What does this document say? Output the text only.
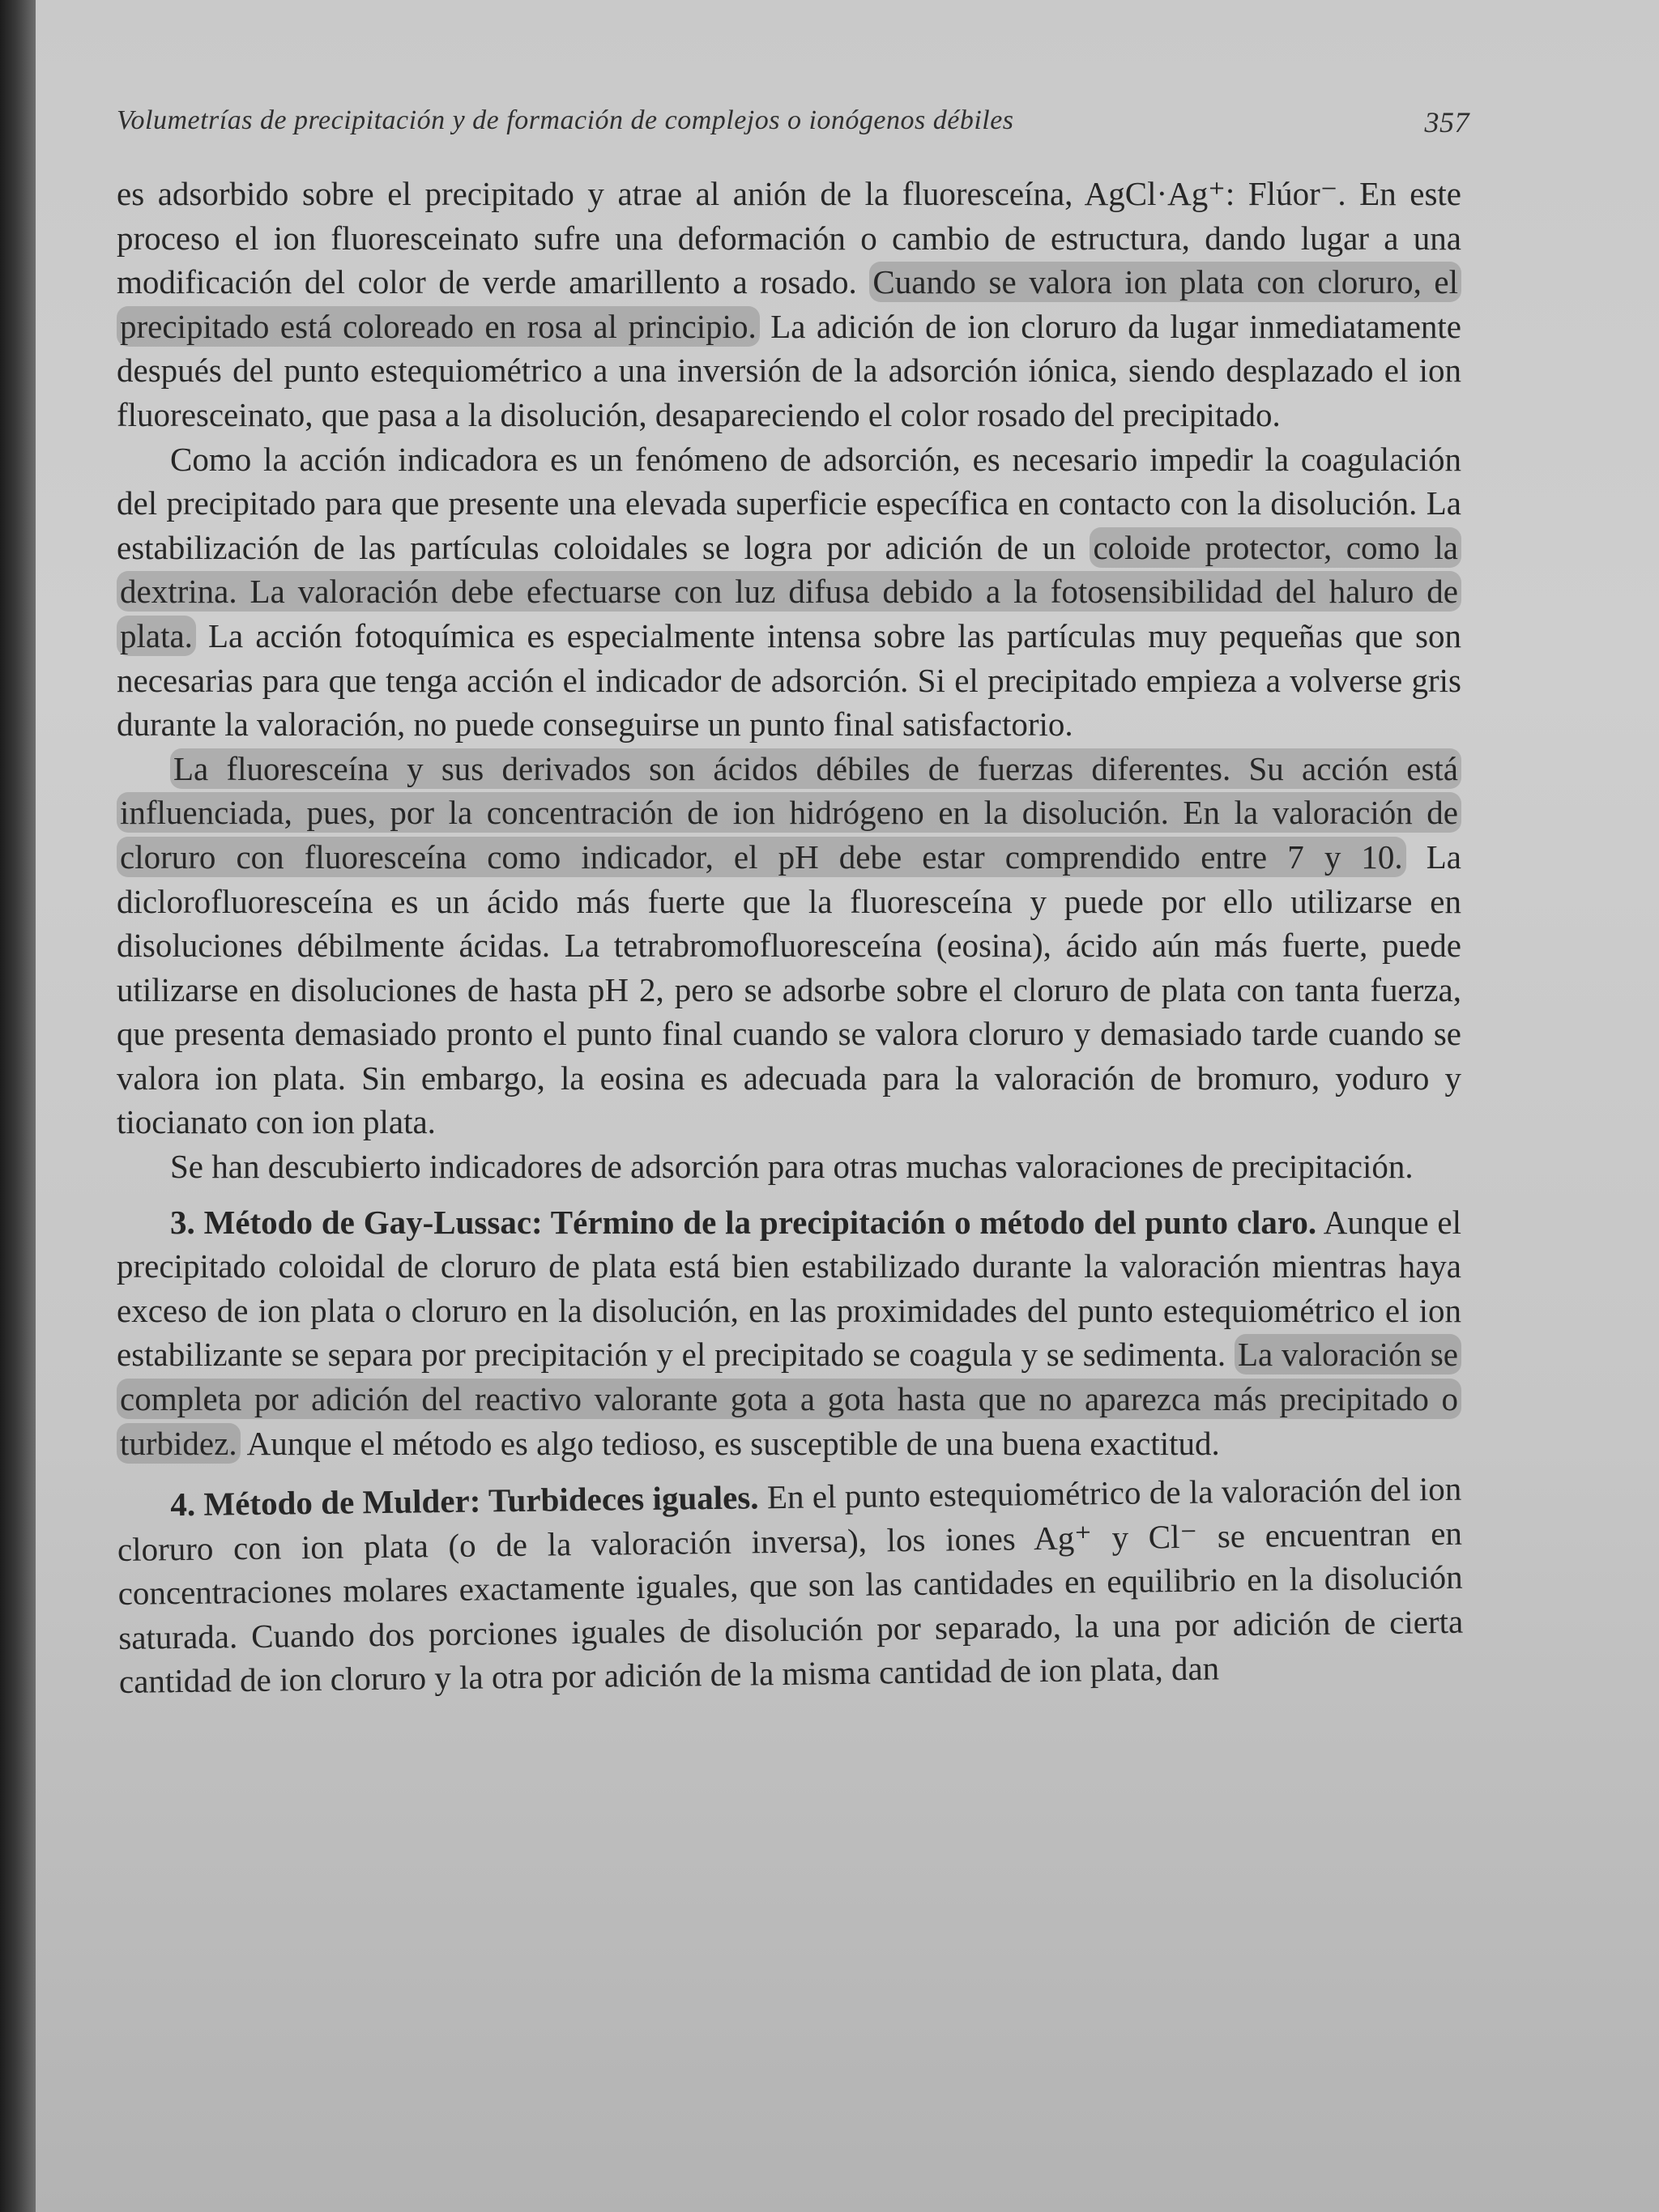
Volumetrías de precipitación y de formación de complejos o ionógenos débiles	357

es adsorbido sobre el precipitado y atrae al anión de la fluoresceína, AgCl·Ag⁺: Flúor⁻. En este proceso el ion fluoresceinato sufre una deformación o cambio de estructura, dando lugar a una modificación del color de verde amarillento a rosado. Cuando se valora ion plata con cloruro, el precipitado está coloreado en rosa al principio. La adición de ion cloruro da lugar inmediatamente después del punto estequiométrico a una inversión de la adsorción iónica, siendo desplazado el ion fluoresceinato, que pasa a la disolución, desapareciendo el color rosado del precipitado.

Como la acción indicadora es un fenómeno de adsorción, es necesario impedir la coagulación del precipitado para que presente una elevada superficie específica en contacto con la disolución. La estabilización de las partículas coloidales se logra por adición de un coloide protector, como la dextrina. La valoración debe efectuarse con luz difusa debido a la fotosensibilidad del haluro de plata. La acción fotoquímica es especialmente intensa sobre las partículas muy pequeñas que son necesarias para que tenga acción el indicador de adsorción. Si el precipitado empieza a volverse gris durante la valoración, no puede conseguirse un punto final satisfactorio.

La fluoresceína y sus derivados son ácidos débiles de fuerzas diferentes. Su acción está influenciada, pues, por la concentración de ion hidrógeno en la disolución. En la valoración de cloruro con fluoresceína como indicador, el pH debe estar comprendido entre 7 y 10. La diclorofluoresceína es un ácido más fuerte que la fluoresceína y puede por ello utilizarse en disoluciones débilmente ácidas. La tetrabromofluoresceína (eosina), ácido aún más fuerte, puede utilizarse en disoluciones de hasta pH 2, pero se adsorbe sobre el cloruro de plata con tanta fuerza, que presenta demasiado pronto el punto final cuando se valora cloruro y demasiado tarde cuando se valora ion plata. Sin embargo, la eosina es adecuada para la valoración de bromuro, yoduro y tiocianato con ion plata.

Se han descubierto indicadores de adsorción para otras muchas valoraciones de precipitación.

3. Método de Gay-Lussac: Término de la precipitación o método del punto claro. Aunque el precipitado coloidal de cloruro de plata está bien estabilizado durante la valoración mientras haya exceso de ion plata o cloruro en la disolución, en las proximidades del punto estequiométrico el ion estabilizante se separa por precipitación y el precipitado se coagula y se sedimenta. La valoración se completa por adición del reactivo valorante gota a gota hasta que no aparezca más precipitado o turbidez. Aunque el método es algo tedioso, es susceptible de una buena exactitud.

4. Método de Mulder: Turbideces iguales. En el punto estequiométrico de la valoración del ion cloruro con ion plata (o de la valoración inversa), los iones Ag⁺ y Cl⁻ se encuentran en concentraciones molares exactamente iguales, que son las cantidades en equilibrio en la disolución saturada. Cuando dos porciones iguales de disolución por separado, la una por adición de cierta cantidad de ion cloruro y la otra por adición de la misma cantidad de ion plata, dan
